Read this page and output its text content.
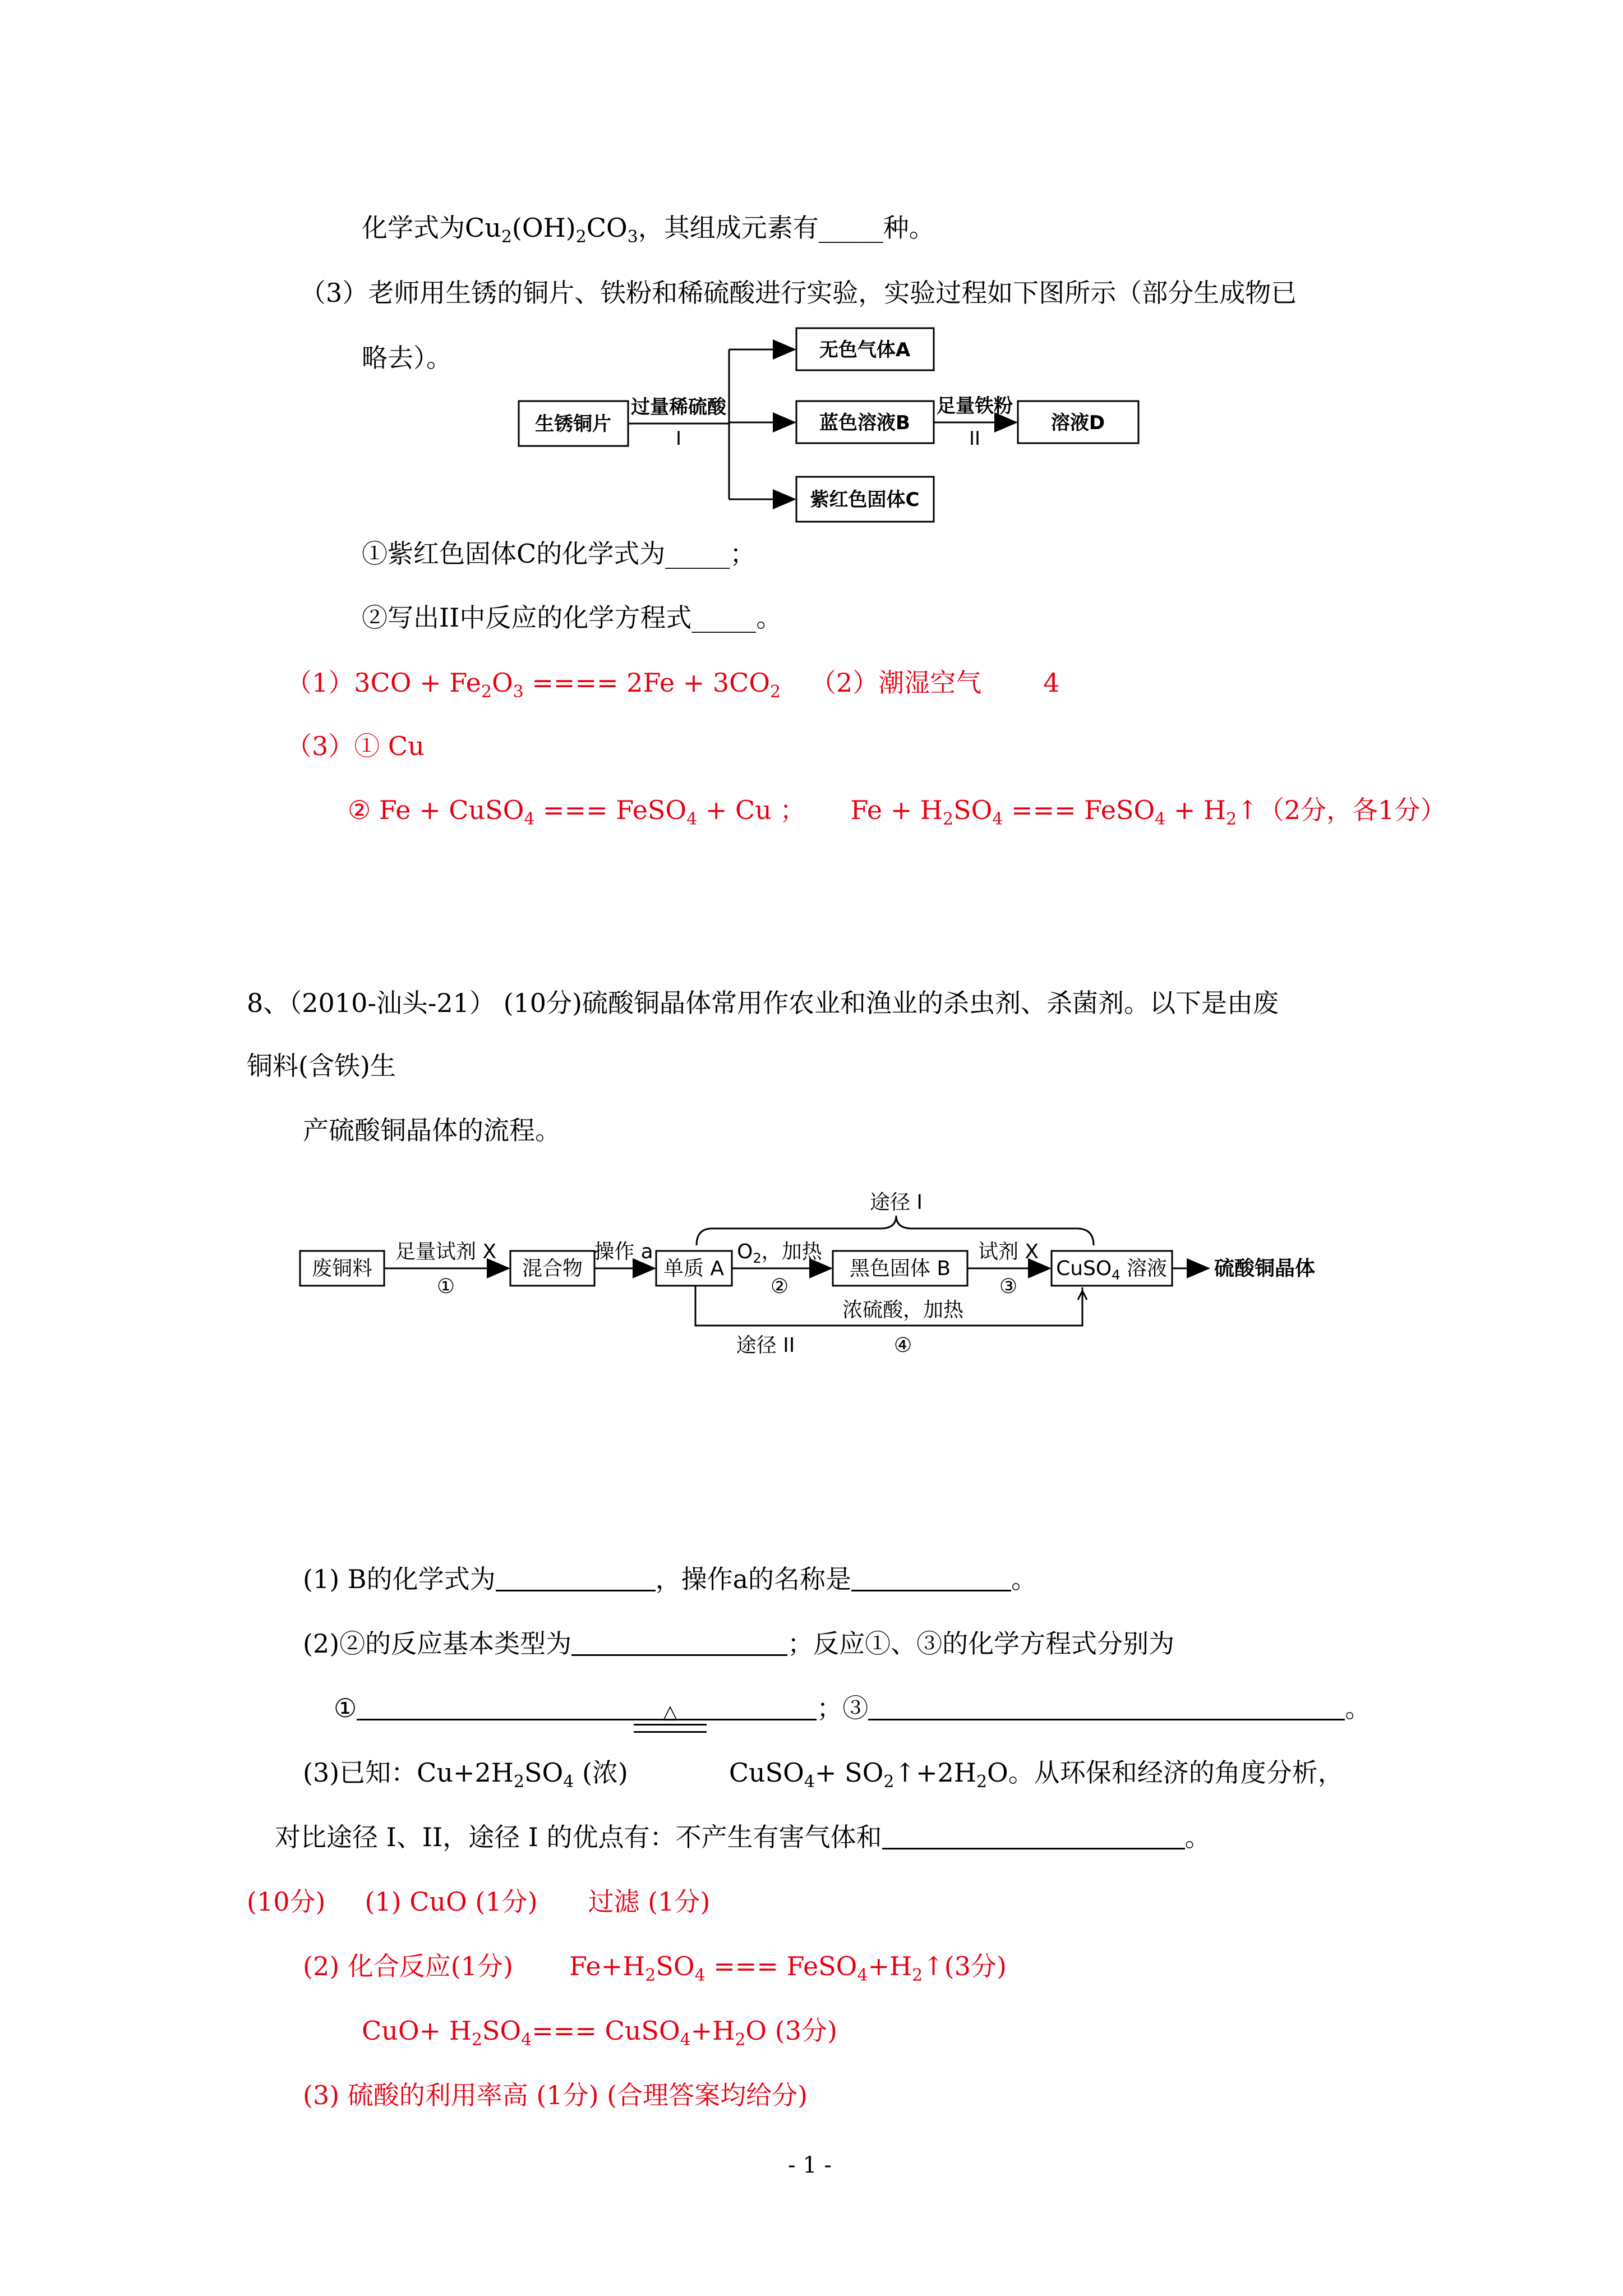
化学式为$Cu_2(OH)_2CO_3$，其组成元素有_____种。
（3）老师用生锈的铜片、铁粉和稀硫酸进行实验，实验过程如下图所示（部分生成物已
略去）。
生锈铜片
过量稀硫酸
I
无色气体A
蓝色溶液B
紫红色固体C
足量铁粉
II
溶液D
①紫红色固体C的化学式为_____；
②写出II中反应的化学方程式_____。
$(1)3CO + Fe_2O_3$ ==== $2Fe + 3CO_2$ （2）潮湿空气 4
（3）① Cu
② Fe + CuSO$_4$ === FeSO$_4$ + Cu ； $Fe + H_2SO_4$ === FeSO$_4$ + $H_2↑(2$分，各1分）
8、（2010-汕头-21） (10分)硫酸铜晶体常用作农业和渔业的杀虫剂、杀菌剂。以下是由废
铜料(含铁)生
产硫酸铜晶体的流程。
废铜料
足量试剂 X
①
混合物
操作 a
单质 A
$O_2$，加热
②
黑色固体 B
试剂 X
③
CuSO$_4$ 溶液 硫酸铜晶体
途径 I
浓硫酸，加热
途径 II	④
(1) B的化学式为	，操作a的名称是	。
(2)②的反应基本类型为	；反应①、③的化学方程式分别为
①	；③	。
△
(3)已知：$Cu+2H_2SO_4$ (浓)	CuSO$_4$+ $SO_2↑+2H_2O$。从环保和经济的角度分析，
对比途径 I、II，途径 I 的优点有：不产生有害气体和	。
(10分) (1) CuO (1分) 过滤 (1分)
(2) 化合反应(1分) $Fe+H_2SO_4$ === $FeSO_4+H_2↑(3$分)
$CuO+ H_2SO_4===$ $CuSO_4+H_2O$ (3分)
(3) 硫酸的利用率高 (1分) (合理答案均给分)
- 1 -
